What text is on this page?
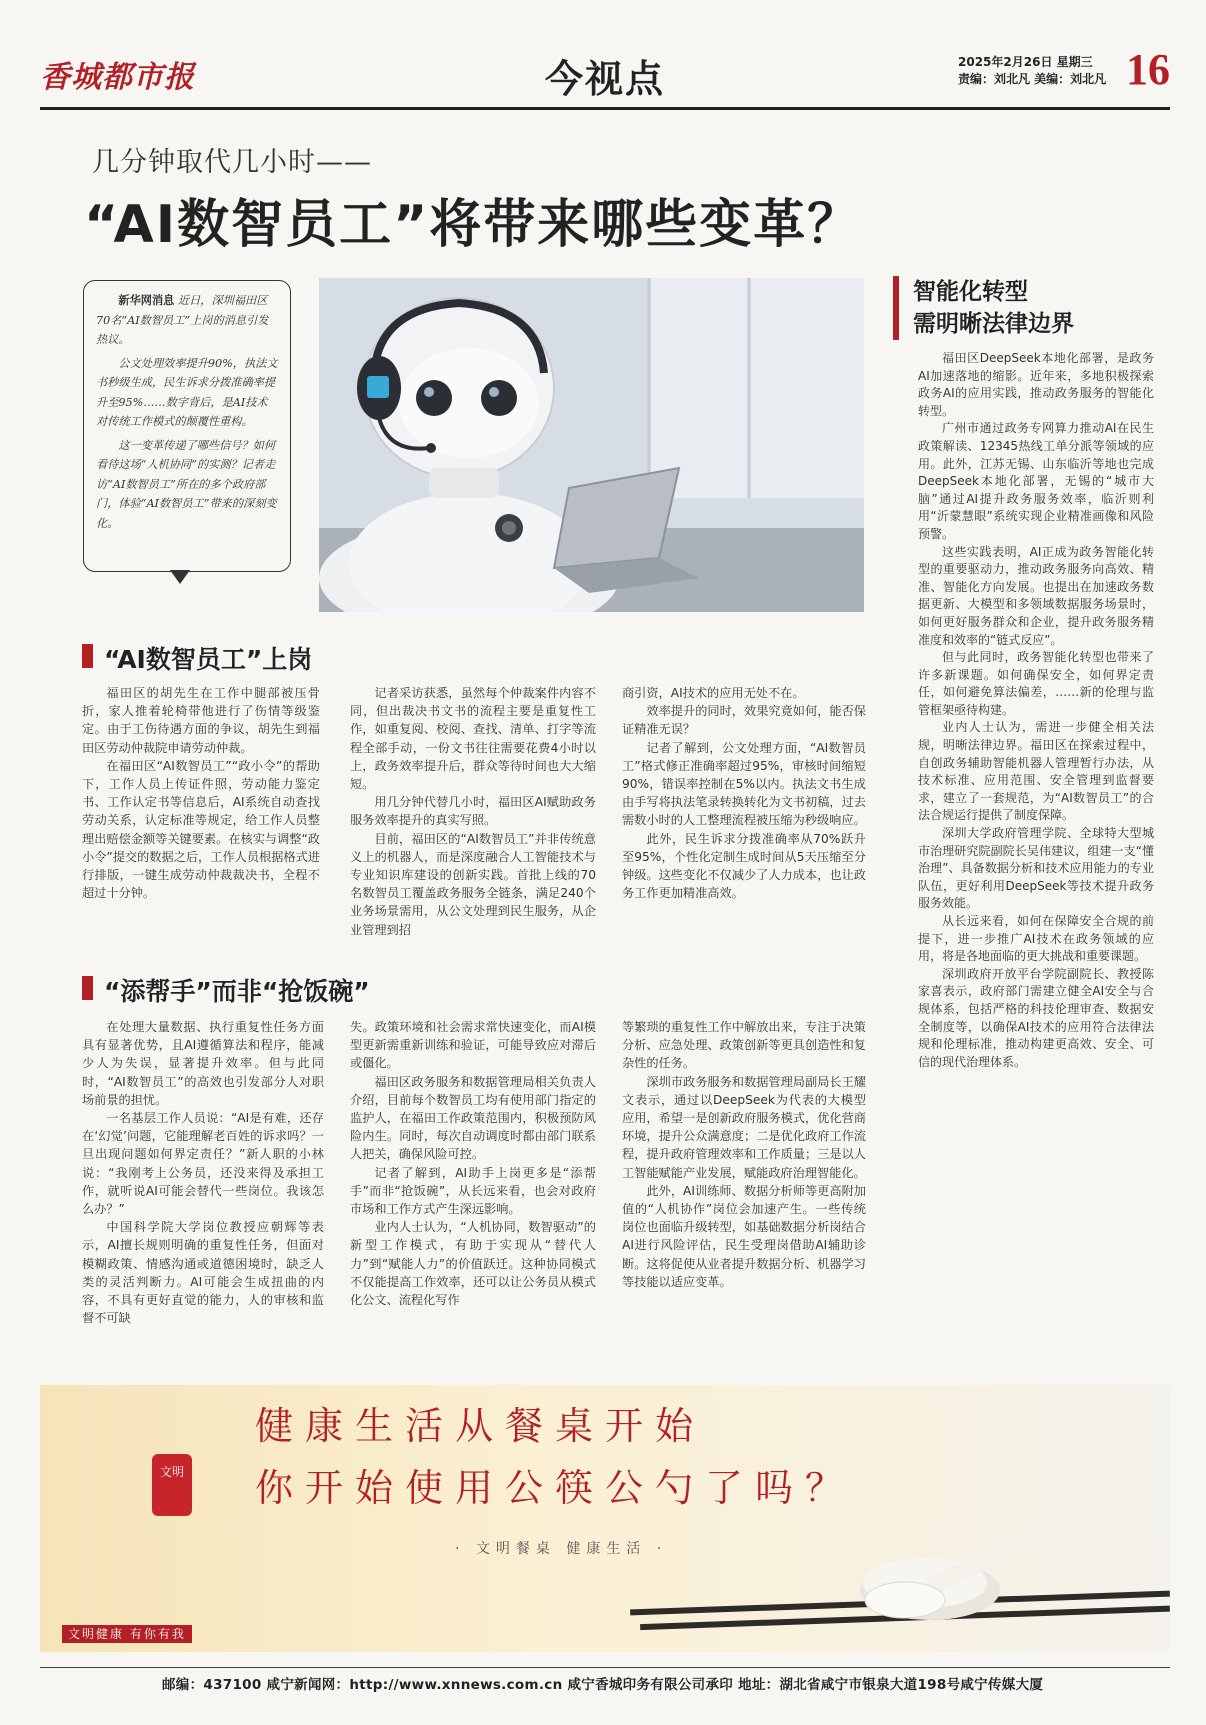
香城都市报	今视点	2025年2月26日 星期三
责编：刘北凡 美编：刘北凡 16
几分钟取代几小时——
“AI数智员工”将带来哪些变革？

新华网消息 近日，深圳福田区70名“AI数智员工”上岗的消息引发热议。

公文处理效率提升90%，执法文书秒级生成，民生诉求分拨准确率提升至95%……数字背后，是AI技术对传统工作模式的颠覆性重构。

这一变革传递了哪些信号？如何看待这场“人机协同”的实测？记者走访“AI数智员工”所在的多个政府部门，体验“AI数智员工”带来的深刻变化。

智能化转型
需明晰法律边界
“AI数智员工”上岗

福田区的胡先生在工作中腿部被压骨折，家人推着轮椅带他进行了伤情等级鉴定。由于工伤待遇方面的争议，胡先生到福田区劳动仲裁院申请劳动仲裁。

在福田区“AI数智员工”“政小令”的帮助下，工作人员上传证件照，劳动能力鉴定书、工作认定书等信息后，AI系统自动查找劳动关系，认定标准等规定，给工作人员整理出赔偿金额等关键要素。在核实与调整“政小令”提交的数据之后，工作人员根据格式进行排版，一键生成劳动仲裁裁决书，全程不超过十分钟。

记者采访获悉，虽然每个仲裁案件内容不同，但出裁决书文书的流程主要是重复性工作，如重复阅、校阅、查找、清单、打字等流程全部手动，一份文书往往需要花费4小时以上，政务效率提升后，群众等待时间也大大缩短。

用几分钟代替几小时，福田区AI赋助政务服务效率提升的真实写照。

目前，福田区的“AI数智员工”并非传统意义上的机器人，而是深度融合人工智能技术与专业知识库建设的创新实践。首批上线的70名数智员工覆盖政务服务全链条，满足240个业务场景需用，从公文处理到民生服务，从企业管理到招

商引资，AI技术的应用无处不在。

效率提升的同时，效果究竟如何，能否保证精准无误？

记者了解到，公文处理方面，“AI数智员工”格式修正准确率超过95%，审核时间缩短90%，错误率控制在5%以内。执法文书生成由手写将执法笔录转换转化为文书初稿，过去需数小时的人工整理流程被压缩为秒级响应。

此外，民生诉求分拨准确率从70%跃升至95%，个性化定制生成时间从5天压缩至分钟级。这些变化不仅减少了人力成本，也让政务工作更加精准高效。

“添帮手”而非“抢饭碗”

在处理大量数据、执行重复性任务方面具有显著优势，且AI遵循算法和程序，能减少人为失误，显著提升效率。但与此同时，“AI数智员工”的高效也引发部分人对职场前景的担忧。

一名基层工作人员说：“AI是有难，还存在‘幻觉’问题，它能理解老百姓的诉求吗？一旦出现问题如何界定责任？”新人职的小林说：“我刚考上公务员，还没来得及承担工作，就听说AI可能会替代一些岗位。我该怎么办？”

中国科学院大学岗位教授应朝辉等表示，AI擅长规则明确的重复性任务，但面对模糊政策、情感沟通或道德困境时，缺乏人类的灵活判断力。AI可能会生成扭曲的内容，不具有更好直觉的能力，人的审核和监督不可缺

失。政策环境和社会需求常快速变化，而AI模型更新需重新训练和验证，可能导致应对滞后或僵化。

福田区政务服务和数据管理局相关负责人介绍，目前每个数智员工均有使用部门指定的监护人，在福田工作政策范围内，积极预防风险内生。同时，每次自动调度时都由部门联系人把关，确保风险可控。

记者了解到，AI助手上岗更多是“添帮手”而非“抢饭碗”，从长远来看，也会对政府市场和工作方式产生深远影响。

业内人士认为，“人机协同，数智驱动”的新型工作模式，有助于实现从“替代人力”到“赋能人力”的价值跃迁。这种协同模式不仅能提高工作效率，还可以让公务员从模式化公文、流程化写作

等繁琐的重复性工作中解放出来，专注于决策分析、应急处理、政策创新等更具创造性和复杂性的任务。

深圳市政务服务和数据管理局副局长王耀文表示，通过以DeepSeek为代表的大模型应用，希望一是创新政府服务模式，优化营商环境，提升公众满意度；二是优化政府工作流程，提升政府管理效率和工作质量；三是以人工智能赋能产业发展，赋能政府治理智能化。

此外，AI训练师、数据分析师等更高附加值的“人机协作”岗位会加速产生。一些传统岗位也面临升级转型，如基础数据分析岗结合AI进行风险评估，民生受理岗借助AI辅助诊断。这将促使从业者提升数据分析、机器学习等技能以适应变革。

福田区DeepSeek本地化部署，是政务AI加速落地的缩影。近年来，多地积极探索政务AI的应用实践，推动政务服务的智能化转型。

广州市通过政务专网算力推动AI在民生政策解读、12345热线工单分派等领域的应用。此外，江苏无锡、山东临沂等地也完成DeepSeek本地化部署，无锡的“城市大脑”通过AI提升政务服务效率，临沂则利用“沂蒙慧眼”系统实现企业精准画像和风险预警。

这些实践表明，AI正成为政务智能化转型的重要驱动力，推动政务服务向高效、精准、智能化方向发展。也提出在加速政务数据更新、大模型和多领域数据服务场景时，如何更好服务群众和企业，提升政务服务精准度和效率的“链式反应”。

但与此同时，政务智能化转型也带来了许多新课题。如何确保安全，如何界定责任，如何避免算法偏差，……新的伦理与监管框架亟待构建。

业内人士认为，需进一步健全相关法规，明晰法律边界。福田区在探索过程中，自创政务辅助智能机器人管理暂行办法，从技术标准、应用范围、安全管理到监督要求，建立了一套规范，为“AI数智员工”的合法合规运行提供了制度保障。

深圳大学政府管理学院、全球特大型城市治理研究院副院长吴伟建议，组建一支“懂治理”、具备数据分析和技术应用能力的专业队伍，更好利用DeepSeek等技术提升政务服务效能。

从长远来看，如何在保障安全合规的前提下，进一步推广AI技术在政务领域的应用，将是各地面临的更大挑战和重要课题。

深圳政府开放平台学院副院长、教授陈家喜表示，政府部门需建立健全AI安全与合规体系，包括严格的科技伦理审查、数据安全制度等，以确保AI技术的应用符合法律法规和伦理标准，推动构建更高效、安全、可信的现代治理体系。

健康生活从餐桌开始
你开始使用公筷公勺了吗？
文明
· 文明餐桌 健康生活 ·
文明健康 有你有我
邮编：437100 咸宁新闻网：http://www.xnnews.com.cn 咸宁香城印务有限公司承印 地址：湖北省咸宁市银泉大道198号咸宁传媒大厦
